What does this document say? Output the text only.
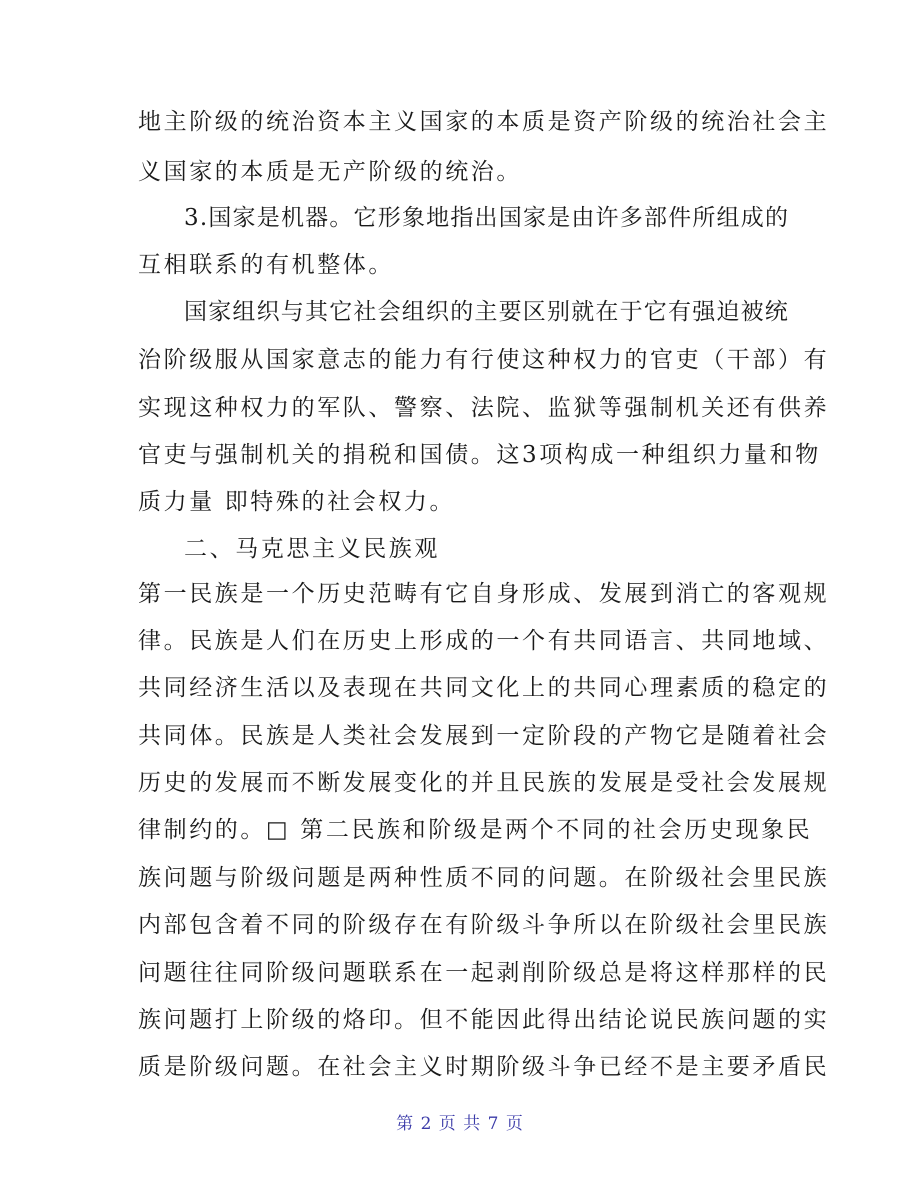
地主阶级的统治资本主义国家的本质是资产阶级的统治社会主
义国家的本质是无产阶级的统治。
3.国家是机器。它形象地指出国家是由许多部件所组成的
互相联系的有机整体。
国家组织与其它社会组织的主要区别就在于它有强迫被统
治阶级服从国家意志的能力有行使这种权力的官吏（干部）有
实现这种权力的军队、警察、法院、监狱等强制机关还有供养
官吏与强制机关的捐税和国债。这3项构成一种组织力量和物
质力量 即特殊的社会权力。
二、马克思主义民族观
第一民族是一个历史范畴有它自身形成、发展到消亡的客观规
律。民族是人们在历史上形成的一个有共同语言、共同地域、
共同经济生活以及表现在共同文化上的共同心理素质的稳定的
共同体。民族是人类社会发展到一定阶段的产物它是随着社会
历史的发展而不断发展变化的并且民族的发展是受社会发展规
律制约的。□ 第二民族和阶级是两个不同的社会历史现象民
族问题与阶级问题是两种性质不同的问题。在阶级社会里民族
内部包含着不同的阶级存在有阶级斗争所以在阶级社会里民族
问题往往同阶级问题联系在一起剥削阶级总是将这样那样的民
族问题打上阶级的烙印。但不能因此得出结论说民族问题的实
质是阶级问题。在社会主义时期阶级斗争已经不是主要矛盾民
第 2 页 共 7 页
